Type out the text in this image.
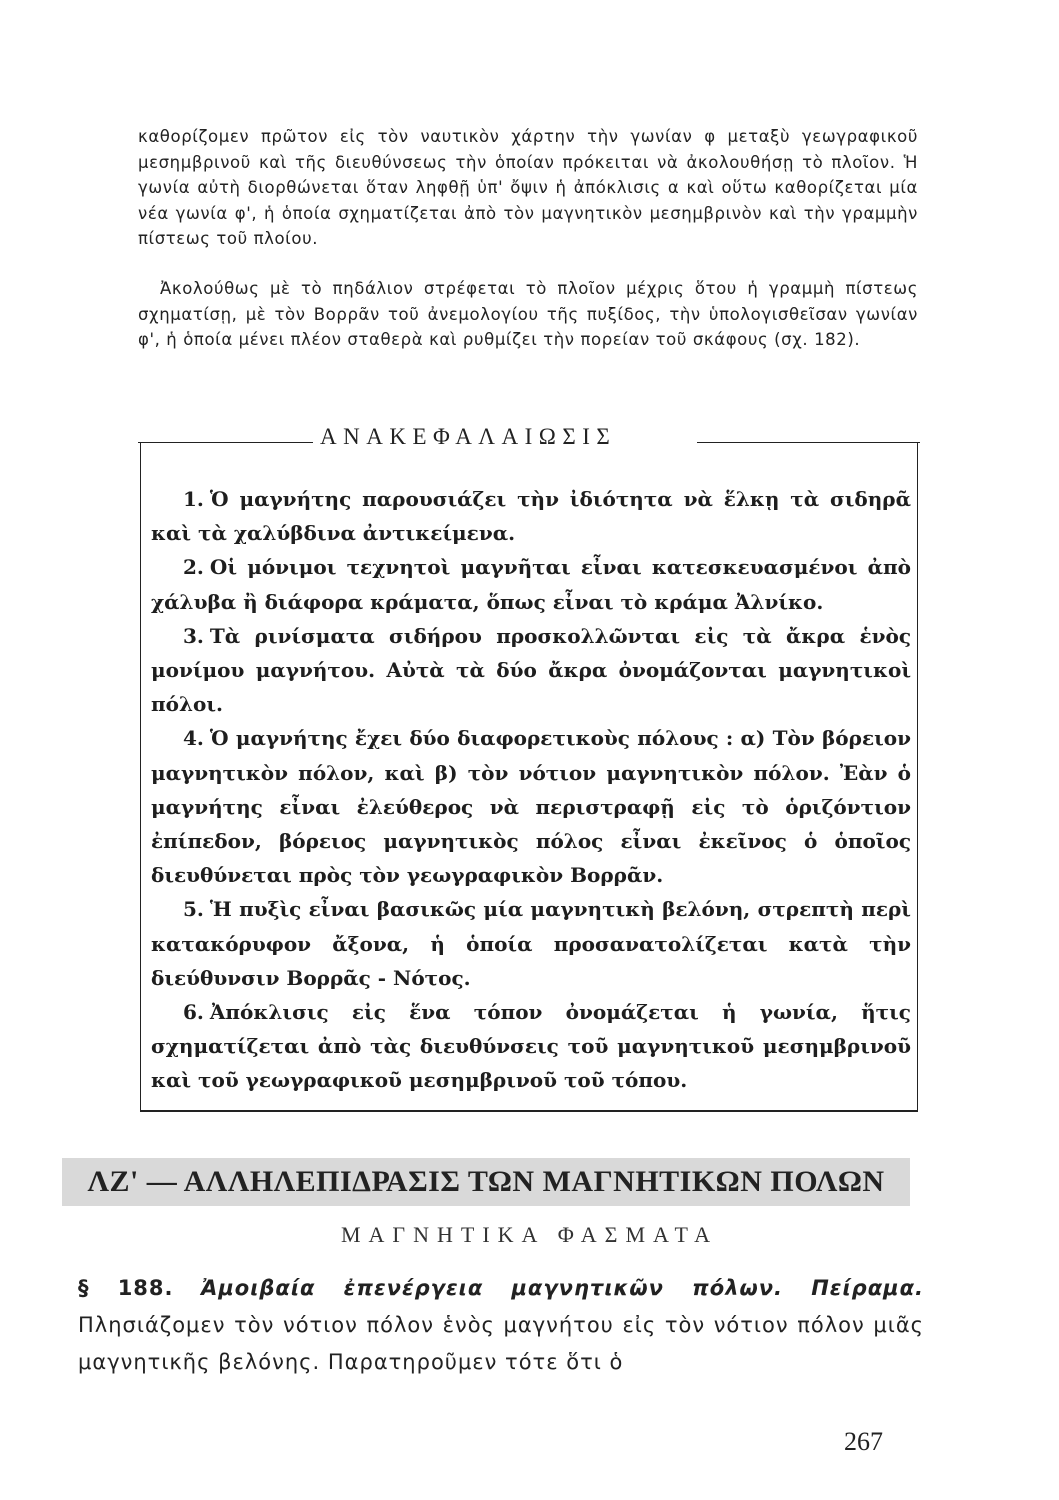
καθορίζομεν πρῶτον εἰς τὸν ναυτικὸν χάρτην τὴν γωνίαν φ μεταξὺ γεωγραφικοῦ μεσημβρινοῦ καὶ τῆς διευθύνσεως τὴν ὁποίαν πρόκειται νὰ ἀκολουθήσῃ τὸ πλοῖον. Ἡ γωνία αὐτὴ διορθώνεται ὅταν ληφθῇ ὑπ' ὄψιν ἡ ἀπόκλισις α καὶ οὕτω καθορίζεται μία νέα γωνία φ', ἡ ὁποία σχηματίζεται ἀπὸ τὸν μαγνητικὸν μεσημβρινὸν καὶ τὴν γραμμὴν πίστεως τοῦ πλοίου.

Ἀκολούθως μὲ τὸ πηδάλιον στρέφεται τὸ πλοῖον μέχρις ὅτου ἡ γραμμὴ πίστεως σχηματίσῃ, μὲ τὸν Βορρᾶν τοῦ ἀνεμολογίου τῆς πυξίδος, τὴν ὑπολογισθεῖσαν γωνίαν φ', ἡ ὁποία μένει πλέον σταθερὰ καὶ ρυθμίζει τὴν πορείαν τοῦ σκάφους (σχ. 182).

ΑΝΑΚΕΦΑΛΑΙΩΣΙΣ
1. Ὁ μαγνήτης παρουσιάζει τὴν ἰδιότητα νὰ ἕλκῃ τὰ σιδηρᾶ καὶ τὰ χαλύβδινα ἀντικείμενα.
2. Οἱ μόνιμοι τεχνητοὶ μαγνῆται εἶναι κατεσκευασμένοι ἀπὸ χάλυβα ἢ διάφορα κράματα, ὅπως εἶναι τὸ κράμα Ἀλνίκο.
3. Τὰ ρινίσματα σιδήρου προσκολλῶνται εἰς τὰ ἄκρα ἑνὸς μονίμου μαγνήτου. Αὐτὰ τὰ δύο ἄκρα ὀνομάζονται μαγνητικοὶ πόλοι.
4. Ὁ μαγνήτης ἔχει δύο διαφορετικοὺς πόλους : α) Τὸν βόρειον μαγνητικὸν πόλον, καὶ β) τὸν νότιον μαγνητικὸν πόλον. Ἐὰν ὁ μαγνήτης εἶναι ἐλεύθερος νὰ περιστραφῇ εἰς τὸ ὁριζόντιον ἐπίπεδον, βόρειος μαγνητικὸς πόλος εἶναι ἐκεῖνος ὁ ὁποῖος διευθύνεται πρὸς τὸν γεωγραφικὸν Βορρᾶν.
5. Ἡ πυξὶς εἶναι βασικῶς μία μαγνητικὴ βελόνη, στρεπτὴ περὶ κατακόρυφον ἄξονα, ἡ ὁποία προσανατολίζεται κατὰ τὴν διεύθυνσιν Βορρᾶς - Νότος.
6. Ἀπόκλισις εἰς ἕνα τόπον ὀνομάζεται ἡ γωνία, ἥτις σχηματίζεται ἀπὸ τὰς διευθύνσεις τοῦ μαγνητικοῦ μεσημβρινοῦ καὶ τοῦ γεωγραφικοῦ μεσημβρινοῦ τοῦ τόπου.
ΛΖ' — ΑΛΛΗΛΕΠΙΔΡΑΣΙΣ ΤΩΝ ΜΑΓΝΗΤΙΚΩΝ ΠΟΛΩΝ
ΜΑΓΝΗΤΙΚΑ ΦΑΣΜΑΤΑ

§ 188. Ἀμοιβαία ἐπενέργεια μαγνητικῶν πόλων. Πείραμα. Πλησιάζομεν τὸν νότιον πόλον ἑνὸς μαγνήτου εἰς τὸν νότιον πόλον μιᾶς μαγνητικῆς βελόνης. Παρατηροῦμεν τότε ὅτι ὁ

267
